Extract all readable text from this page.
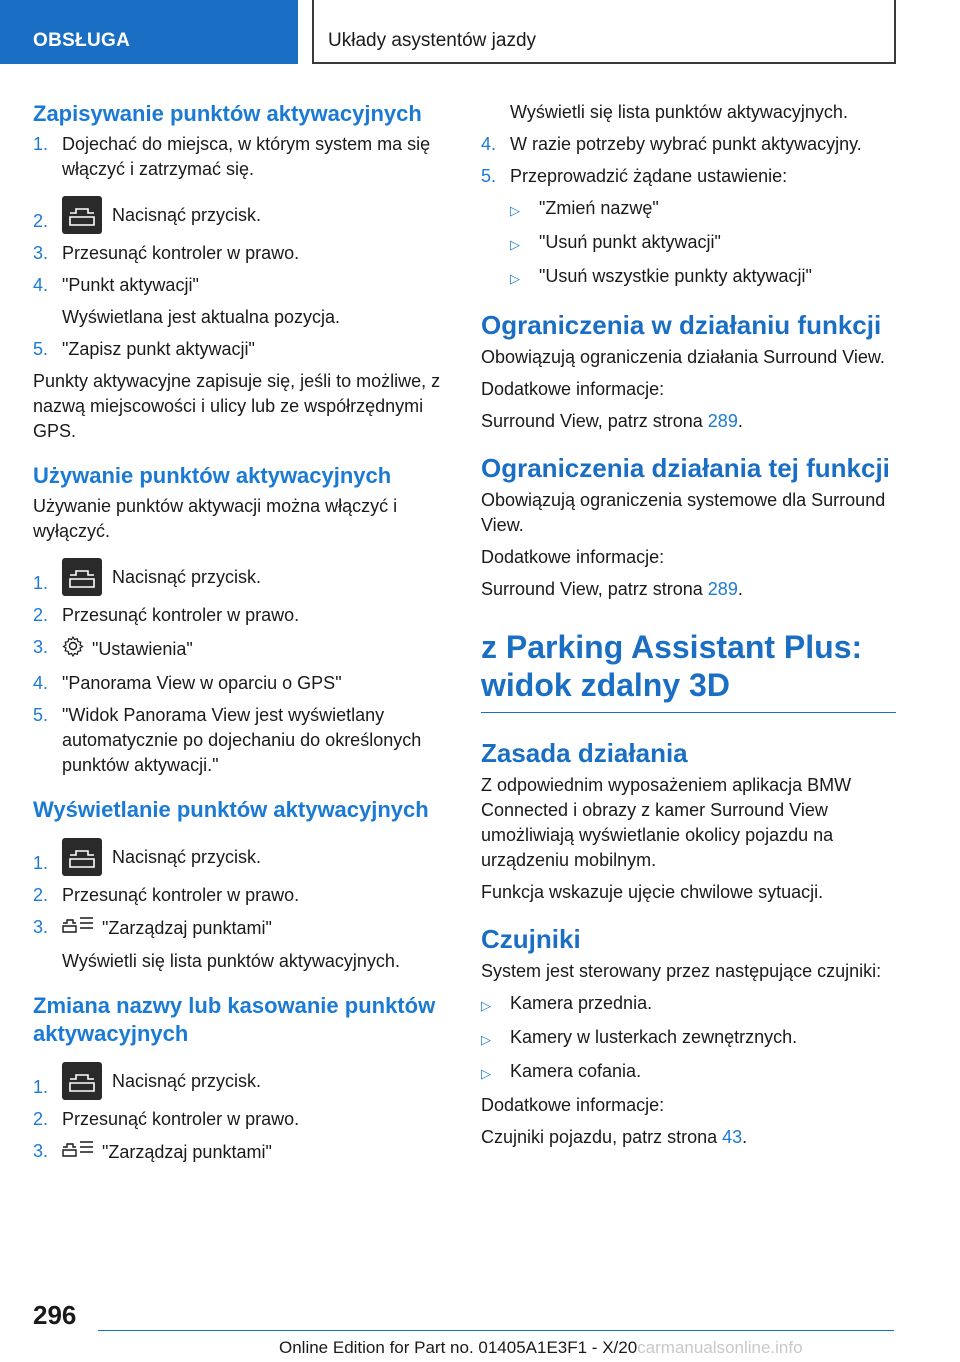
OBSŁUGA	Układy asystentów jazdy
Zapisywanie punktów aktywacyjnych
1. Dojechać do miejsca, w którym system ma się włączyć i zatrzymać się.
2.	Nacisnąć przycisk.
3. Przesunąć kontroler w prawo.
4. "Punkt aktywacji"
Wyświetlana jest aktualna pozycja.
5. "Zapisz punkt aktywacji"

Punkty aktywacyjne zapisuje się, jeśli to możliwe, z nazwą miejscowości i ulicy lub ze współrzędnymi GPS.

Używanie punktów aktywacyjnych

Używanie punktów aktywacji można włączyć i wyłączyć.

1.	Nacisnąć przycisk.
2. Przesunąć kontroler w prawo.
3.	"Ustawienia"
4. "Panorama View w oparciu o GPS"
5. "Widok Panorama View jest wyświetlany automatycznie po dojechaniu do określonych punktów aktywacji."
Wyświetlanie punktów aktywacyjnych
1.	Nacisnąć przycisk.
2. Przesunąć kontroler w prawo.
3.	"Zarządzaj punktami"
Wyświetli się lista punktów aktywacyjnych.
Zmiana nazwy lub kasowanie punktów aktywacyjnych
1.	Nacisnąć przycisk.
2. Przesunąć kontroler w prawo.
3.	"Zarządzaj punktami"
Wyświetli się lista punktów aktywacyjnych.
4. W razie potrzeby wybrać punkt aktywacyjny.
5. Przeprowadzić żądane ustawienie:
▷	"Zmień nazwę"
▷	"Usuń punkt aktywacji"
▷	"Usuń wszystkie punkty aktywacji"
Ograniczenia w działaniu funkcji

Obowiązują ograniczenia działania Surround View.

Dodatkowe informacje:

Surround View, patrz strona 289.

Ograniczenia działania tej funkcji

Obowiązują ograniczenia systemowe dla Surround View.

Dodatkowe informacje:

Surround View, patrz strona 289.

z Parking Assistant Plus:
widok zdalny 3D
Zasada działania

Z odpowiednim wyposażeniem aplikacja BMW Connected i obrazy z kamer Surround View umożliwiają wyświetlanie okolicy pojazdu na urządzeniu mobilnym.

Funkcja wskazuje ujęcie chwilowe sytuacji.

Czujniki

System jest sterowany przez następujące czujniki:

▷	Kamera przednia.
▷	Kamery w lusterkach zewnętrznych.
▷	Kamera cofania.

Dodatkowe informacje:

Czujniki pojazdu, patrz strona 43.

296
Online Edition for Part no. 01405A1E3F1 - X/20carmanualsonline.info
